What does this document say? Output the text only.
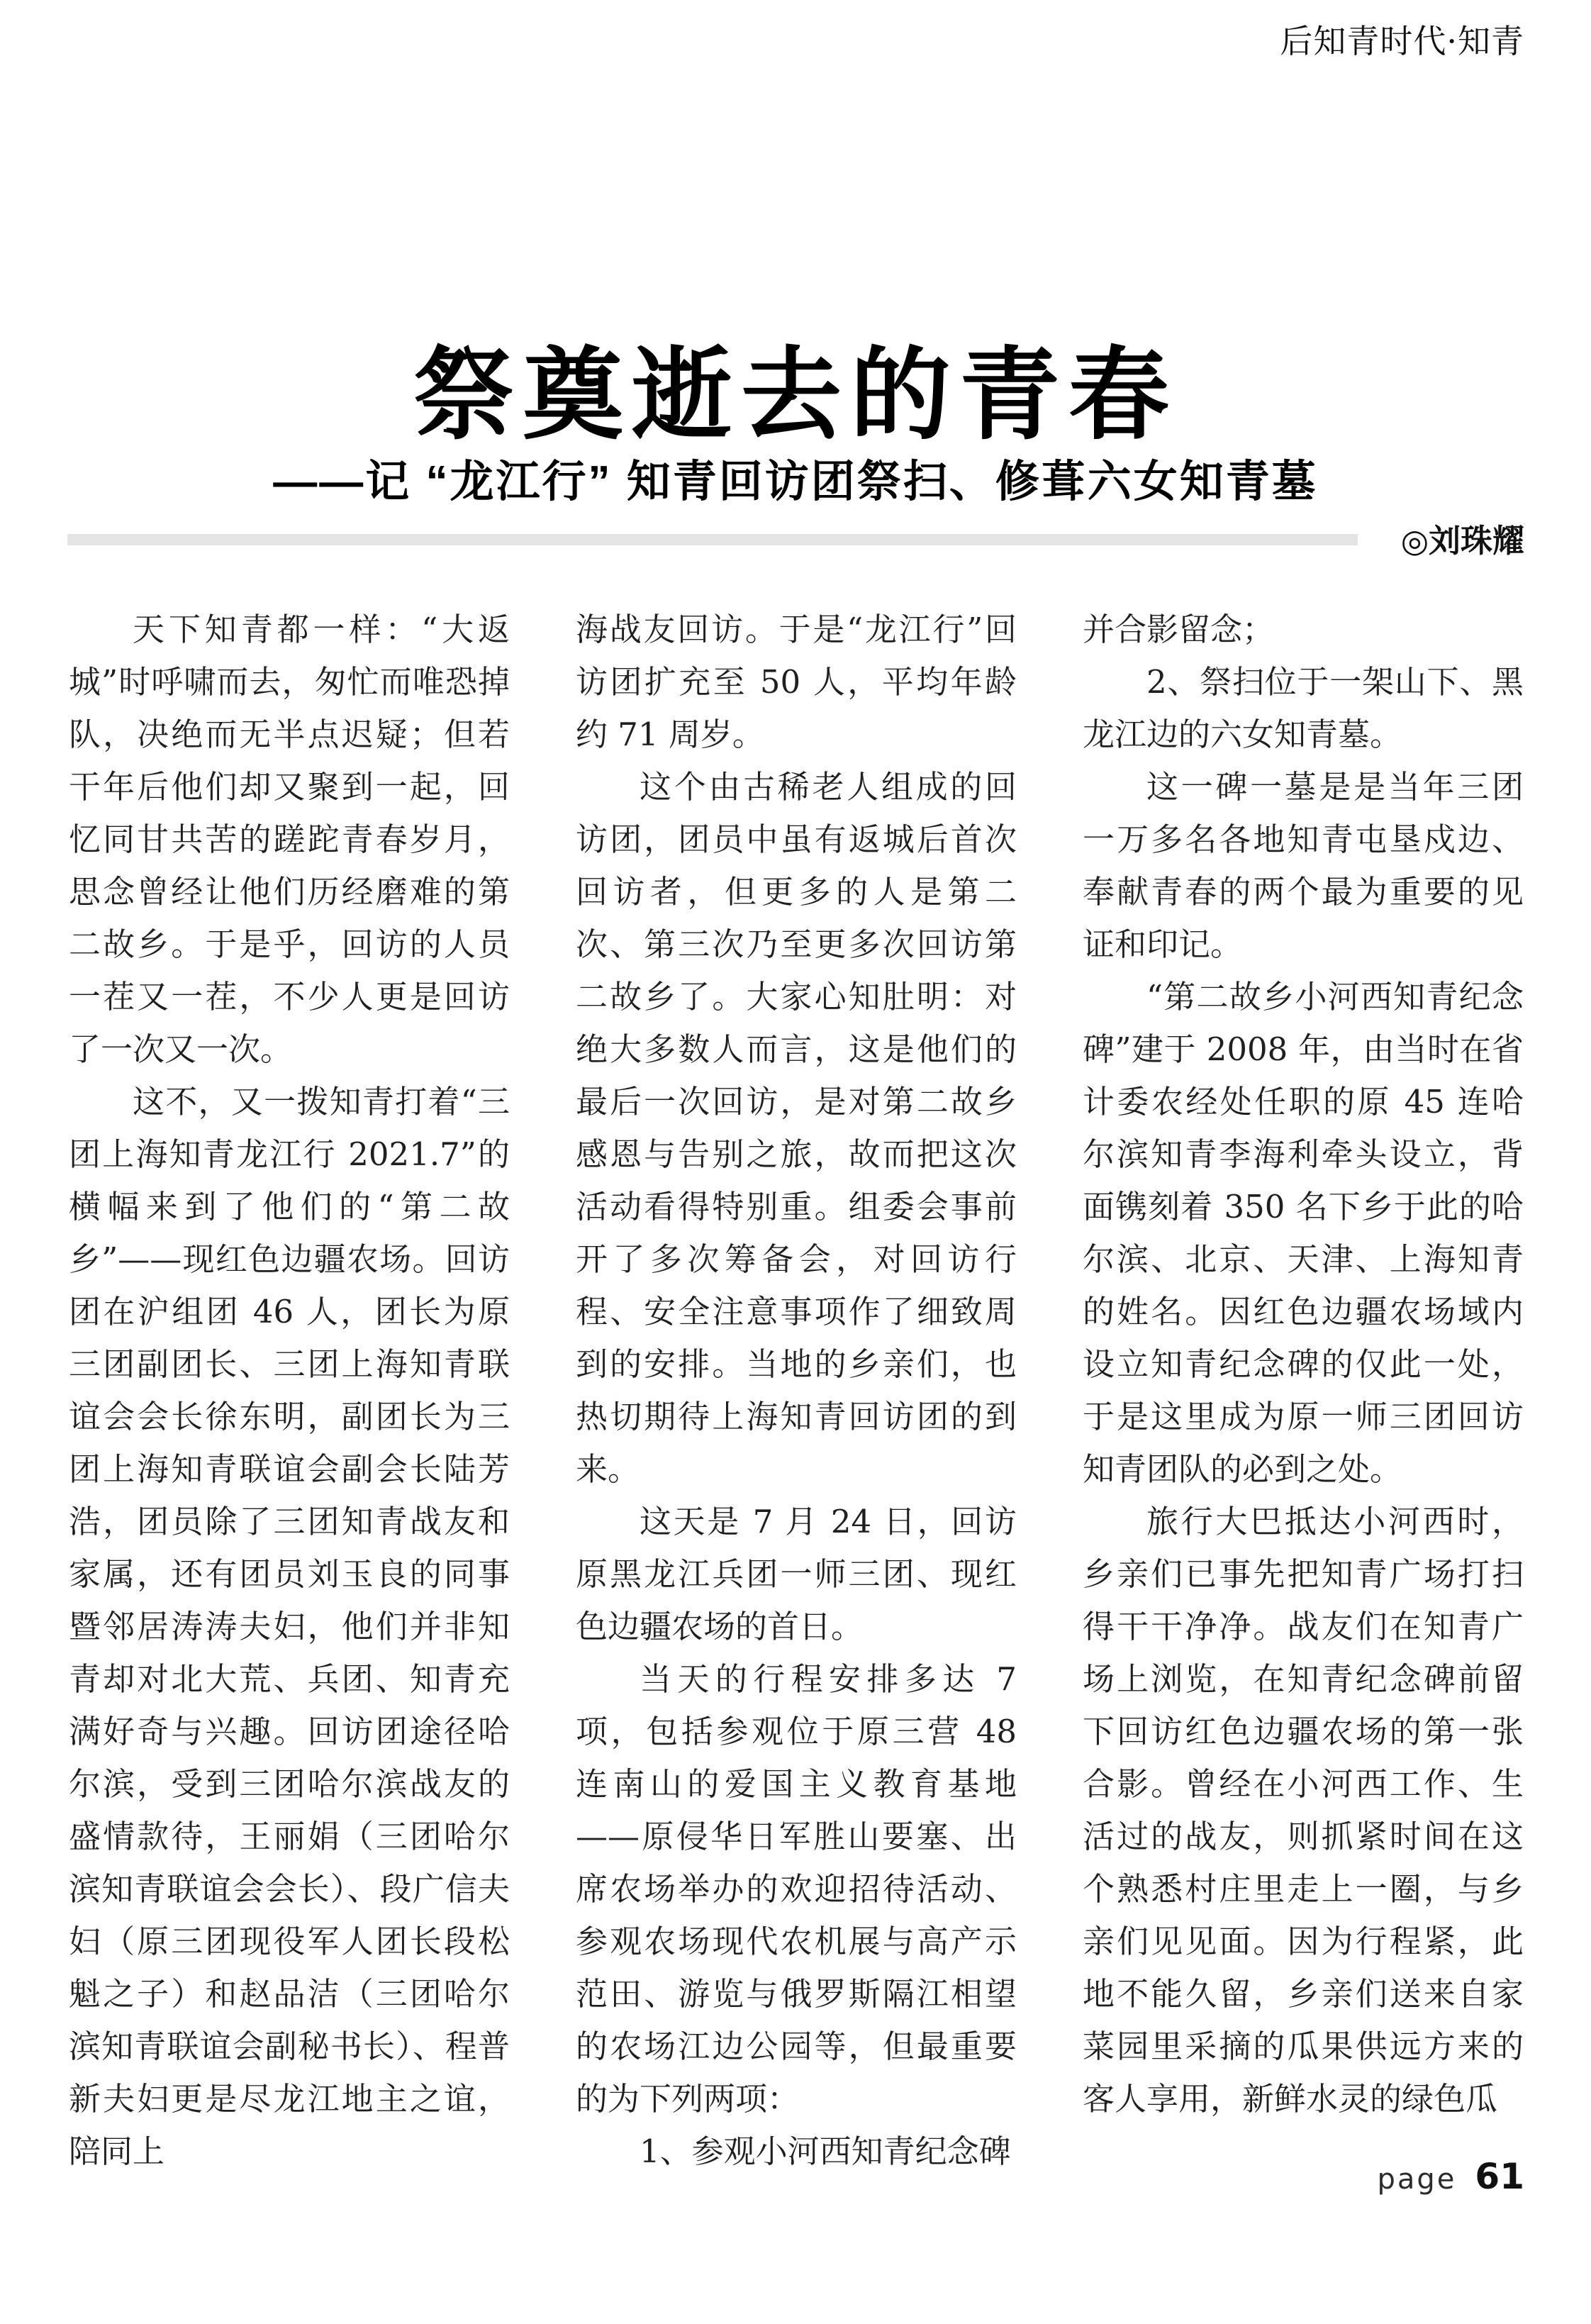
后知青时代·知青
祭奠逝去的青春
——记 “龙江行” 知青回访团祭扫、修葺六女知青墓
◎刘珠耀

天下知青都一样：“大返城”时呼啸而去，匆忙而唯恐掉队，决绝而无半点迟疑；但若干年后他们却又聚到一起，回忆同甘共苦的蹉跎青春岁月，思念曾经让他们历经磨难的第二故乡。于是乎，回访的人员一茬又一茬，不少人更是回访了一次又一次。

这不，又一拨知青打着“三团上海知青龙江行 2021.7”的横幅来到了他们的“第二故乡”——现红色边疆农场。回访团在沪组团 46 人，团长为原三团副团长、三团上海知青联谊会会长徐东明，副团长为三团上海知青联谊会副会长陆芳浩，团员除了三团知青战友和家属，还有团员刘玉良的同事暨邻居涛涛夫妇，他们并非知青却对北大荒、兵团、知青充满好奇与兴趣。回访团途径哈尔滨，受到三团哈尔滨战友的盛情款待，王丽娟（三团哈尔滨知青联谊会会长）、段广信夫妇（原三团现役军人团长段松魁之子）和赵品洁（三团哈尔滨知青联谊会副秘书长）、程普新夫妇更是尽龙江地主之谊，陪同上

海战友回访。于是“龙江行”回访团扩充至 50 人，平均年龄约 71 周岁。

这个由古稀老人组成的回访团，团员中虽有返城后首次回访者，但更多的人是第二次、第三次乃至更多次回访第二故乡了。大家心知肚明：对绝大多数人而言，这是他们的最后一次回访，是对第二故乡感恩与告别之旅，故而把这次活动看得特别重。组委会事前开了多次筹备会，对回访行程、安全注意事项作了细致周到的安排。当地的乡亲们，也热切期待上海知青回访团的到来。

这天是 7 月 24 日，回访原黑龙江兵团一师三团、现红色边疆农场的首日。

当天的行程安排多达 7 项，包括参观位于原三营 48 连南山的爱国主义教育基地——原侵华日军胜山要塞、出席农场举办的欢迎招待活动、参观农场现代农机展与高产示范田、游览与俄罗斯隔江相望的农场江边公园等，但最重要的为下列两项：

1、参观小河西知青纪念碑

并合影留念；

2、祭扫位于一架山下、黑龙江边的六女知青墓。

这一碑一墓是是当年三团一万多名各地知青屯垦戍边、奉献青春的两个最为重要的见证和印记。

“第二故乡小河西知青纪念碑”建于 2008 年，由当时在省计委农经处任职的原 45 连哈尔滨知青李海利牵头设立，背面镌刻着 350 名下乡于此的哈尔滨、北京、天津、上海知青的姓名。因红色边疆农场域内设立知青纪念碑的仅此一处，于是这里成为原一师三团回访知青团队的必到之处。

旅行大巴抵达小河西时，乡亲们已事先把知青广场打扫得干干净净。战友们在知青广场上浏览，在知青纪念碑前留下回访红色边疆农场的第一张合影。曾经在小河西工作、生活过的战友，则抓紧时间在这个熟悉村庄里走上一圈，与乡亲们见见面。因为行程紧，此地不能久留，乡亲们送来自家菜园里采摘的瓜果供远方来的客人享用，新鲜水灵的绿色瓜

page 61
